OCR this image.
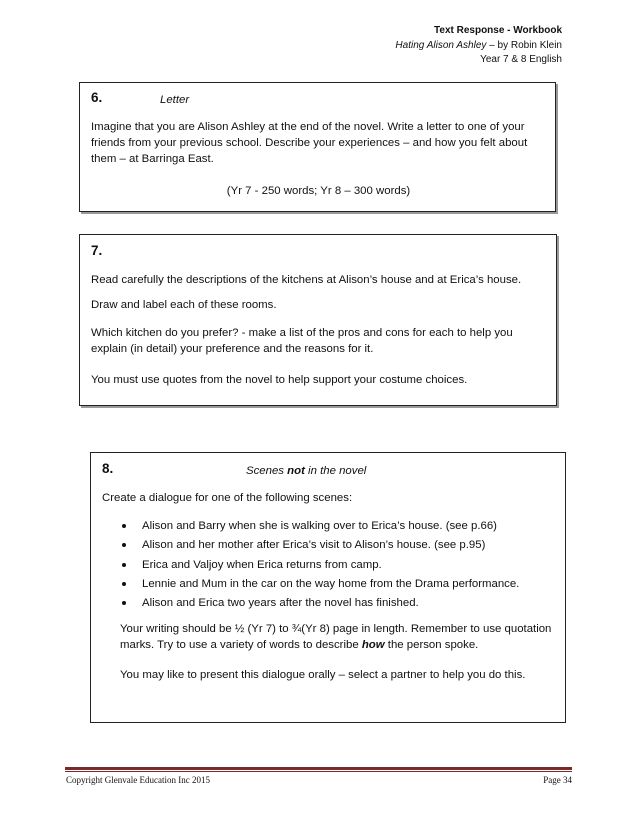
Text Response - Workbook
Hating Alison Ashley – by Robin Klein
Year 7 & 8 English
6.	Letter

Imagine that you are Alison Ashley at the end of the novel. Write a letter to one of your friends from your previous school. Describe your experiences – and how you felt about them – at Barringa East.

(Yr 7 - 250 words; Yr 8 – 300 words)

7.

Read carefully the descriptions of the kitchens at Alison’s house and at Erica’s house.

Draw and label each of these rooms.

Which kitchen do you prefer? - make a list of the pros and cons for each to help you explain (in detail) your preference and the reasons for it.

You must use quotes from the novel to help support your costume choices.

8.	Scenes not in the novel

Create a dialogue for one of the following scenes:

Alison and Barry when she is walking over to Erica’s house. (see p.66)
Alison and her mother after Erica’s visit to Alison’s house. (see p.95)
Erica and Valjoy when Erica returns from camp.
Lennie and Mum in the car on the way home from the Drama performance.
Alison and Erica two years after the novel has finished.

Your writing should be ½ (Yr 7) to ¾(Yr 8) page in length. Remember to use quotation marks. Try to use a variety of words to describe how the person spoke.

You may like to present this dialogue orally – select a partner to help you do this.

Copyright Glenvale Education Inc 2015	Page 34
